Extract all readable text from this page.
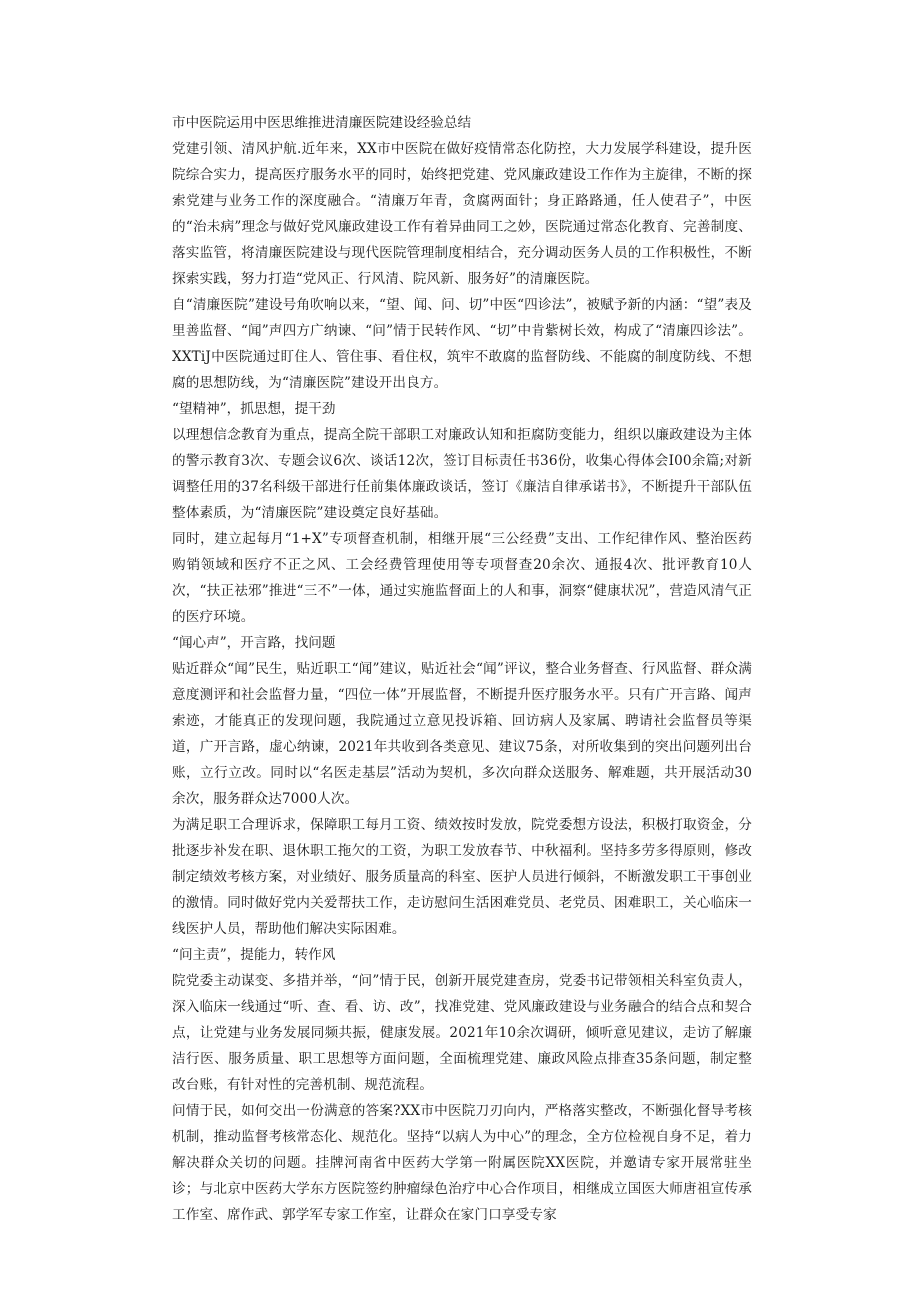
市中医院运用中医思维推进清廉医院建设经验总结

党建引领、清风护航.近年来，XX市中医院在做好疫情常态化防控，大力发展学科建设，提升医院综合实力，提高医疗服务水平的同时，始终把党建、党风廉政建设工作作为主旋律，不断的探索党建与业务工作的深度融合。“清廉万年青，贪腐两面针；身正路路通，任人使君子”，中医的“治未病”理念与做好党风廉政建设工作有着异曲同工之妙，医院通过常态化教育、完善制度、落实监管，将清廉医院建设与现代医院管理制度相结合，充分调动医务人员的工作积极性，不断探索实践，努力打造“党风正、行风清、院风新、服务好”的清廉医院。

自“清廉医院”建设号角吹响以来，“望、闻、问、切”中医“四诊法”，被赋予新的内涵：“望”表及里善监督、“闻”声四方广纳谏、“问”情于民转作风、“切”中肯紫树长效，构成了“清廉四诊法”。XXTiJ中医院通过盯住人、管住事、看住权，筑牢不敢腐的监督防线、不能腐的制度防线、不想腐的思想防线，为“清廉医院”建设开出良方。

“望精神”，抓思想，提干劲

以理想信念教育为重点，提高全院干部职工对廉政认知和拒腐防变能力，组织以廉政建设为主体的警示教育3次、专题会议6次、谈话12次，签订目标责任书36份，收集心得体会I00余篇;对新调整任用的37名科级干部进行任前集体廉政谈话，签订《廉洁自律承诺书》，不断提升干部队伍整体素质，为“清廉医院”建设奠定良好基础。

同时，建立起每月“1+X”专项督查机制，相继开展“三公经费”支出、工作纪律作风、整治医药购销领域和医疗不正之风、工会经费管理使用等专项督查20余次、通报4次、批评教育10人次，“扶正祛邪”推进“三不”一体，通过实施监督面上的人和事，洞察“健康状况”，营造风清气正的医疗环境。

“闻心声”，开言路，找问题

贴近群众“闻”民生，贴近职工“闻”建议，贴近社会“闻”评议，整合业务督查、行风监督、群众满意度测评和社会监督力量，“四位一体”开展监督，不断提升医疗服务水平。只有广开言路、闻声索迹，才能真正的发现问题，我院通过立意见投诉箱、回访病人及家属、聘请社会监督员等渠道，广开言路，虚心纳谏，2021年共收到各类意见、建议75条，对所收集到的突出问题列出台账，立行立改。同时以“名医走基层”活动为契机，多次向群众送服务、解难题，共开展活动30余次，服务群众达7000人次。

为满足职工合理诉求，保障职工每月工资、绩效按时发放，院党委想方设法，积极打取资金，分批逐步补发在职、退休职工拖欠的工资，为职工发放春节、中秋福利。坚持多劳多得原则，修改制定绩效考核方案，对业绩好、服务质量高的科室、医护人员进行倾斜，不断激发职工干事创业的激情。同时做好党内关爱帮扶工作，走访慰问生活困难党员、老党员、困难职工，关心临床一线医护人员，帮助他们解决实际困难。

“问主责”，提能力，转作风

院党委主动谋变、多措并举，“问”情于民，创新开展党建查房，党委书记带领相关科室负责人，深入临床一线通过“听、查、看、访、改”，找准党建、党风廉政建设与业务融合的结合点和契合点，让党建与业务发展同频共振，健康发展。2021年10余次调研，倾听意见建议，走访了解廉洁行医、服务质量、职工思想等方面问题，全面梳理党建、廉政风险点排查35条问题，制定整改台账，有针对性的完善机制、规范流程。

问情于民，如何交出一份满意的答案?XX市中医院刀刃向内，严格落实整改，不断强化督导考核机制，推动监督考核常态化、规范化。坚持“以病人为中心”的理念，全方位检视自身不足，着力解决群众关切的问题。挂牌河南省中医药大学第一附属医院XX医院，并邀请专家开展常驻坐诊；与北京中医药大学东方医院签约肿瘤绿色治疗中心合作项目，相继成立国医大师唐祖宣传承工作室、席作武、郭学军专家工作室，让群众在家门口享受专家
